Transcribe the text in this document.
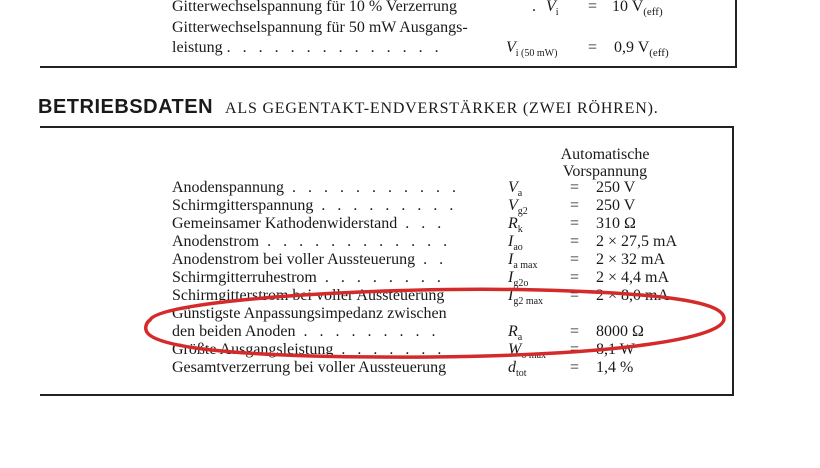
Gitterwechselspannung für 10 % Verzerrung	. $V_i = 10$ $V_{(eff)}$
Gitterwechselspannung für 50 mW Ausgangs-
leistung . . . . . . . . . . . . . .	$V_{i (50 mW)} = 0,9$ $V_{(eff)}$
BETRIEBSDATEN ALS GEGENTAKT-ENDVERSTÄRKER (ZWEI RÖHREN).
Automatische
Vorspannung
Anodenspannung . . . . . . . . . . .	$V_a$	= 250 V
Schirmgitterspannung . . . . . . . . .	$V_{g2}$	= 250 V
Gemeinsamer Kathodenwiderstand . . .	$R_k$	= 310 Ω
Anodenstrom . . . . . . . . . . . .	$I_{ao}$	= 2 × 27,5 mA
Anodenstrom bei voller Aussteuerung . .	$I_{a max} = 2 \times 32$ mA
Schirmgitterruhestrom . . . . . . . .	$I_{g2o}$	= 2 × 4,4 mA
Schirmgitterstrom bei voller Aussteuerung	$I_{g2 max} = 2 \times 8,0$ mA
Günstigste Anpassungsimpedanz zwischen
den beiden Anoden . . . . . . . . .	$R_a$	= 8000 Ω
Größte Ausgangsleistung . . . . . . .	$W_{o max} = 8,1$ W
Gesamtverzerrung bei voller Aussteuerung	$d_{tot}$	= 1,4 %
